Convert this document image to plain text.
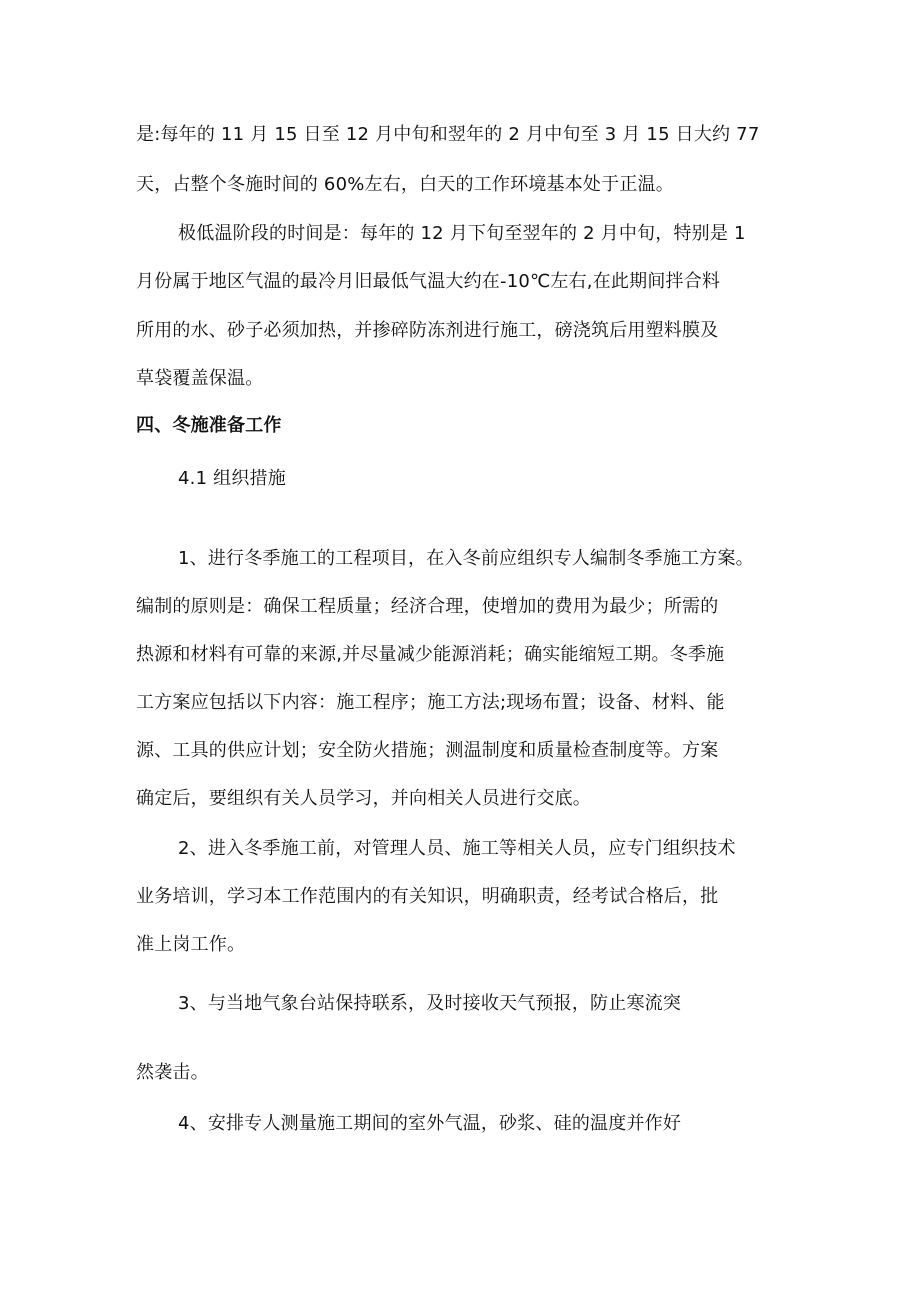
是:每年的 11 月 15 日至 12 月中旬和翌年的 2 月中旬至 3 月 15 日大约 77

天，占整个冬施时间的 60%左右，白天的工作环境基本处于正温。

极低温阶段的时间是：每年的 12 月下旬至翌年的 2 月中旬，特别是 1

月份属于地区气温的最冷月旧最低气温大约在-10℃左右,在此期间拌合料

所用的水、砂子必须加热，并掺碎防冻剂进行施工，磅浇筑后用塑料膜及

草袋覆盖保温。

四、冬施准备工作

4.1 组织措施

1、进行冬季施工的工程项目，在入冬前应组织专人编制冬季施工方案。

编制的原则是：确保工程质量；经济合理，使增加的费用为最少；所需的

热源和材料有可靠的来源,并尽量减少能源消耗；确实能缩短工期。冬季施

工方案应包括以下内容：施工程序；施工方法;现场布置；设备、材料、能

源、工具的供应计划；安全防火措施；测温制度和质量检查制度等。方案

确定后，要组织有关人员学习，并向相关人员进行交底。

2、进入冬季施工前，对管理人员、施工等相关人员，应专门组织技术

业务培训，学习本工作范围内的有关知识，明确职责，经考试合格后，批

准上岗工作。

3、与当地气象台站保持联系，及时接收天气预报，防止寒流突

然袭击。

4、安排专人测量施工期间的室外气温，砂浆、硅的温度并作好
